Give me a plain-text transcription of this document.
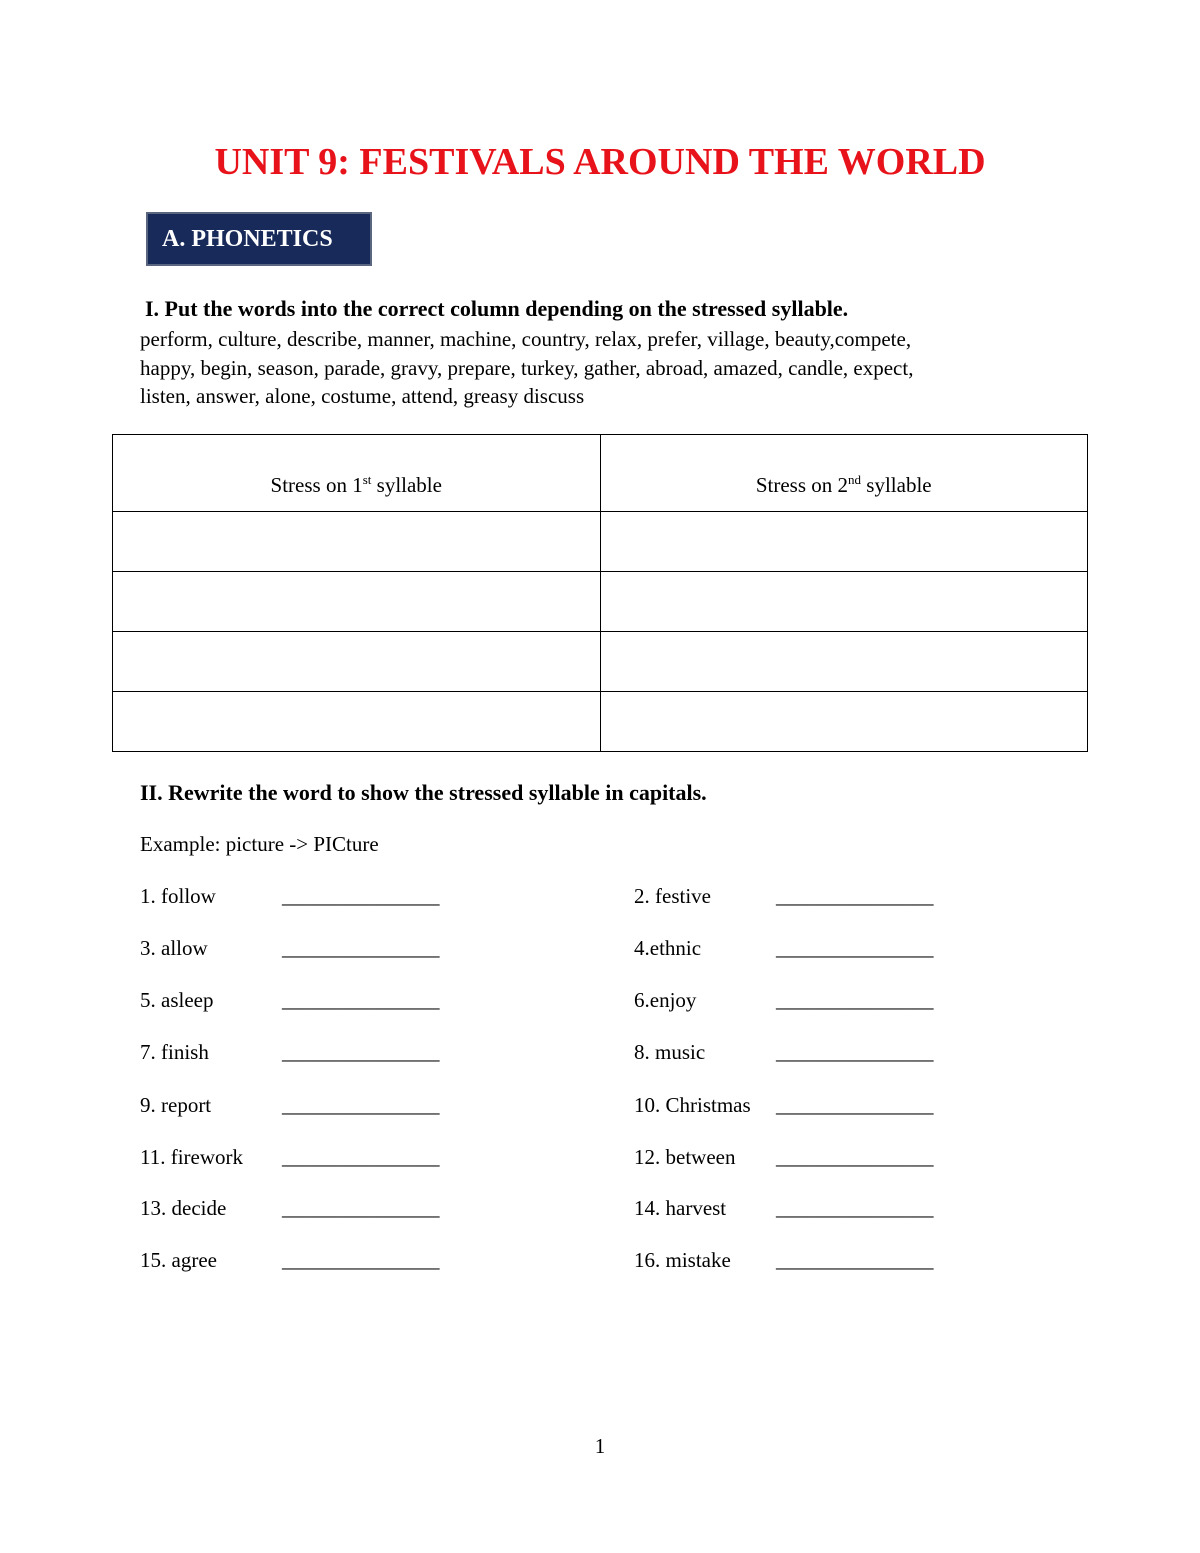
UNIT 9: FESTIVALS AROUND THE WORLD
A. PHONETICS
I. Put the words into the correct column depending on the stressed syllable.
perform, culture, describe, manner, machine, country, relax, prefer, village, beauty,compete,
happy, begin, season, parade, gravy, prepare, turkey, gather, abroad, amazed, candle, expect,
listen, answer, alone, costume, attend, greasy discuss
Stress on 1st syllable	Stress on 2nd syllable

II. Rewrite the word to show the stressed syllable in capitals.
Example: picture -> PICture
1. follow	_______________	2. festive	_______________
3. allow	_______________	4.ethnic	_______________
5. asleep	_______________	6.enjoy	_______________
7. finish	_______________	8. music	_______________
9. report	_______________	10. Christmas _______________
11. firework _______________	12. between _______________
13. decide	_______________	14. harvest _______________
15. agree	_______________	16. mistake _______________
1
